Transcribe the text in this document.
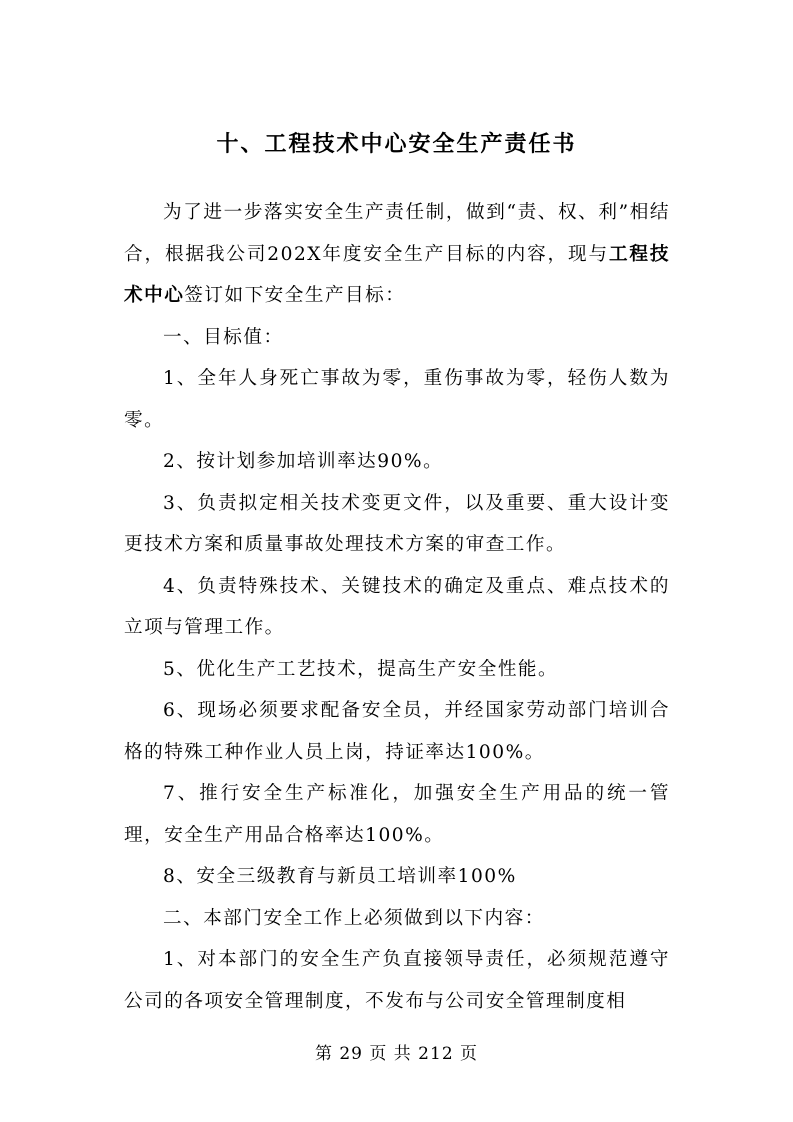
十、工程技术中心安全生产责任书

为了进一步落实安全生产责任制，做到“责、权、利”相结合，根据我公司202X年度安全生产目标的内容，现与工程技术中心签订如下安全生产目标：

一、目标值：

1、全年人身死亡事故为零，重伤事故为零，轻伤人数为零。

2、按计划参加培训率达90%。

3、负责拟定相关技术变更文件，以及重要、重大设计变更技术方案和质量事故处理技术方案的审查工作。

4、负责特殊技术、关键技术的确定及重点、难点技术的立项与管理工作。

5、优化生产工艺技术，提高生产安全性能。

6、现场必须要求配备安全员，并经国家劳动部门培训合格的特殊工种作业人员上岗，持证率达100%。

7、推行安全生产标准化，加强安全生产用品的统一管理，安全生产用品合格率达100%。

8、安全三级教育与新员工培训率100%

二、本部门安全工作上必须做到以下内容：

1、对本部门的安全生产负直接领导责任，必须规范遵守公司的各项安全管理制度，不发布与公司安全管理制度相

第 29 页 共 212 页
